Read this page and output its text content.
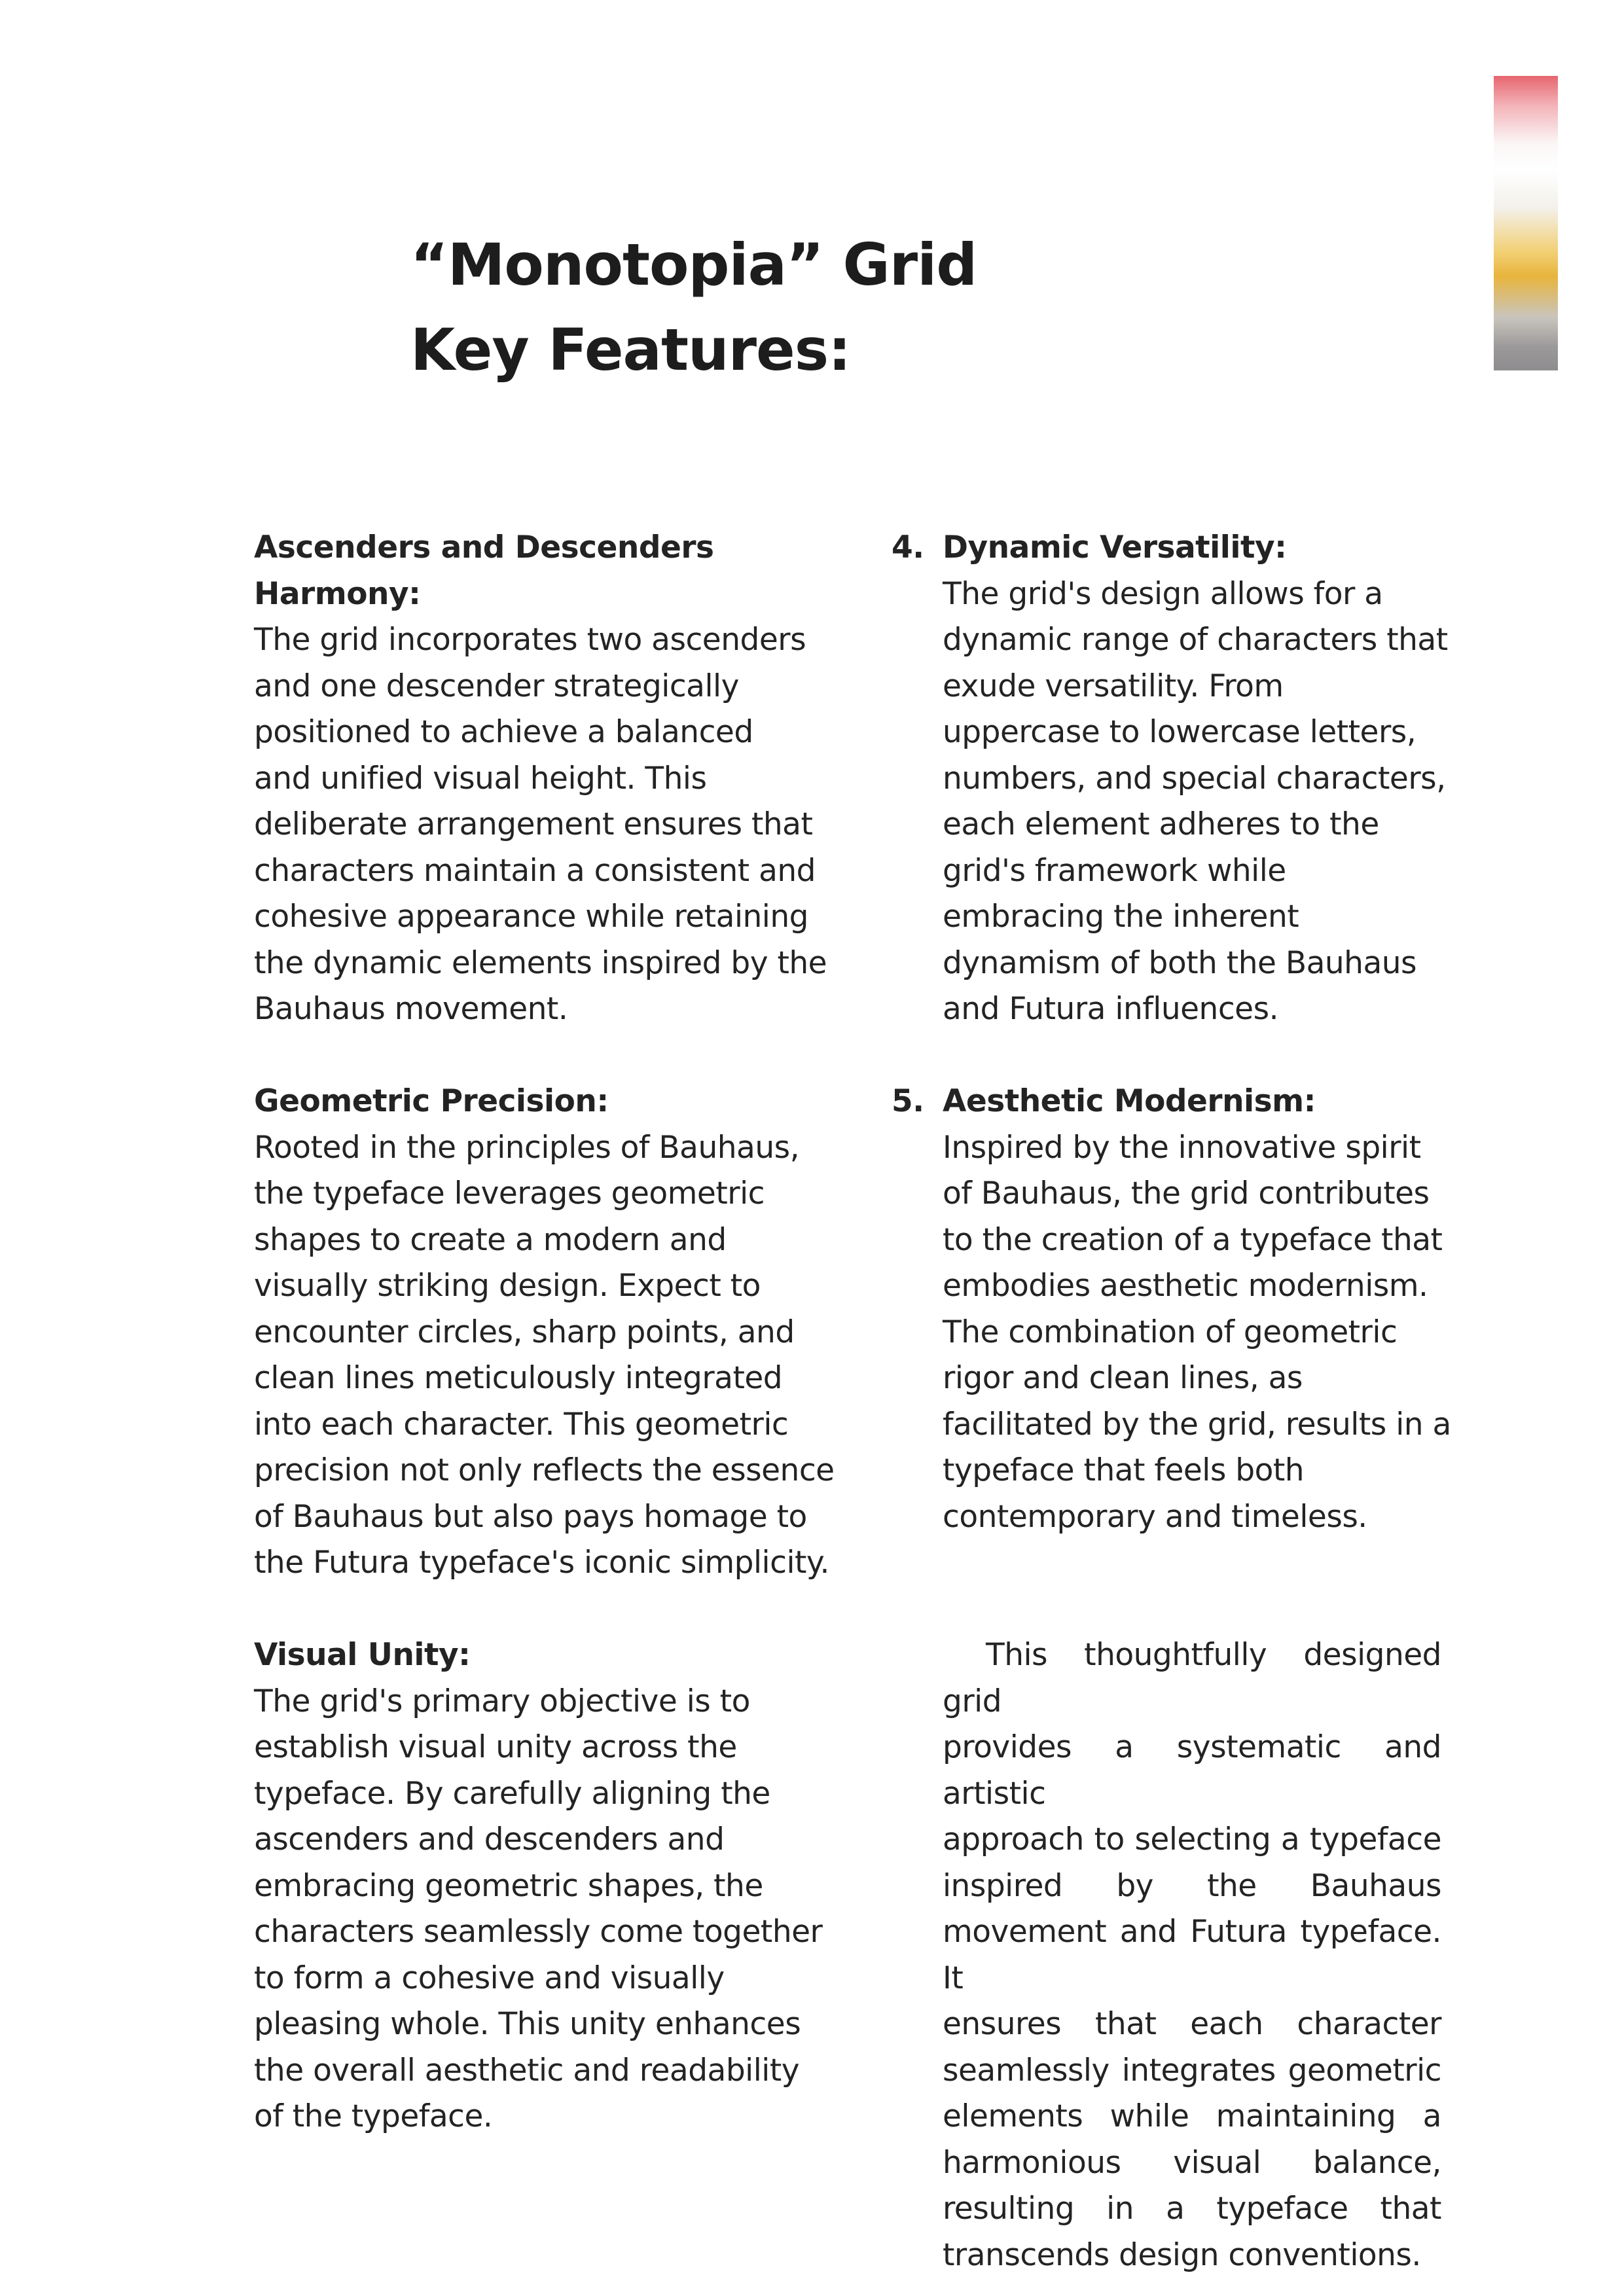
“Monotopia” Grid
Key Features:
Ascenders and Descenders
Harmony:
The grid incorporates two ascenders
and one descender strategically
positioned to achieve a balanced
and unified visual height. This
deliberate arrangement ensures that
characters maintain a consistent and
cohesive appearance while retaining
the dynamic elements inspired by the
Bauhaus movement.
Geometric Precision:
Rooted in the principles of Bauhaus,
the typeface leverages geometric
shapes to create a modern and
visually striking design. Expect to
encounter circles, sharp points, and
clean lines meticulously integrated
into each character. This geometric
precision not only reflects the essence
of Bauhaus but also pays homage to
the Futura typeface's iconic simplicity.
Visual Unity:
The grid's primary objective is to
establish visual unity across the
typeface. By carefully aligning the
ascenders and descenders and
embracing geometric shapes, the
characters seamlessly come together
to form a cohesive and visually
pleasing whole. This unity enhances
the overall aesthetic and readability
of the typeface.
4. Dynamic Versatility:
The grid's design allows for a
dynamic range of characters that
exude versatility. From
uppercase to lowercase letters,
numbers, and special characters,
each element adheres to the
grid's framework while
embracing the inherent
dynamism of both the Bauhaus
and Futura influences.
5. Aesthetic Modernism:
Inspired by the innovative spirit
of Bauhaus, the grid contributes
to the creation of a typeface that
embodies aesthetic modernism.
The combination of geometric
rigor and clean lines, as
facilitated by the grid, results in a
typeface that feels both
contemporary and timeless.
This thoughtfully designed grid
provides a systematic and artistic
approach to selecting a typeface
inspired by the Bauhaus
movement and Futura typeface. It
ensures that each character
seamlessly integrates geometric
elements while maintaining a
harmonious visual balance,
resulting in a typeface that
transcends design conventions.
